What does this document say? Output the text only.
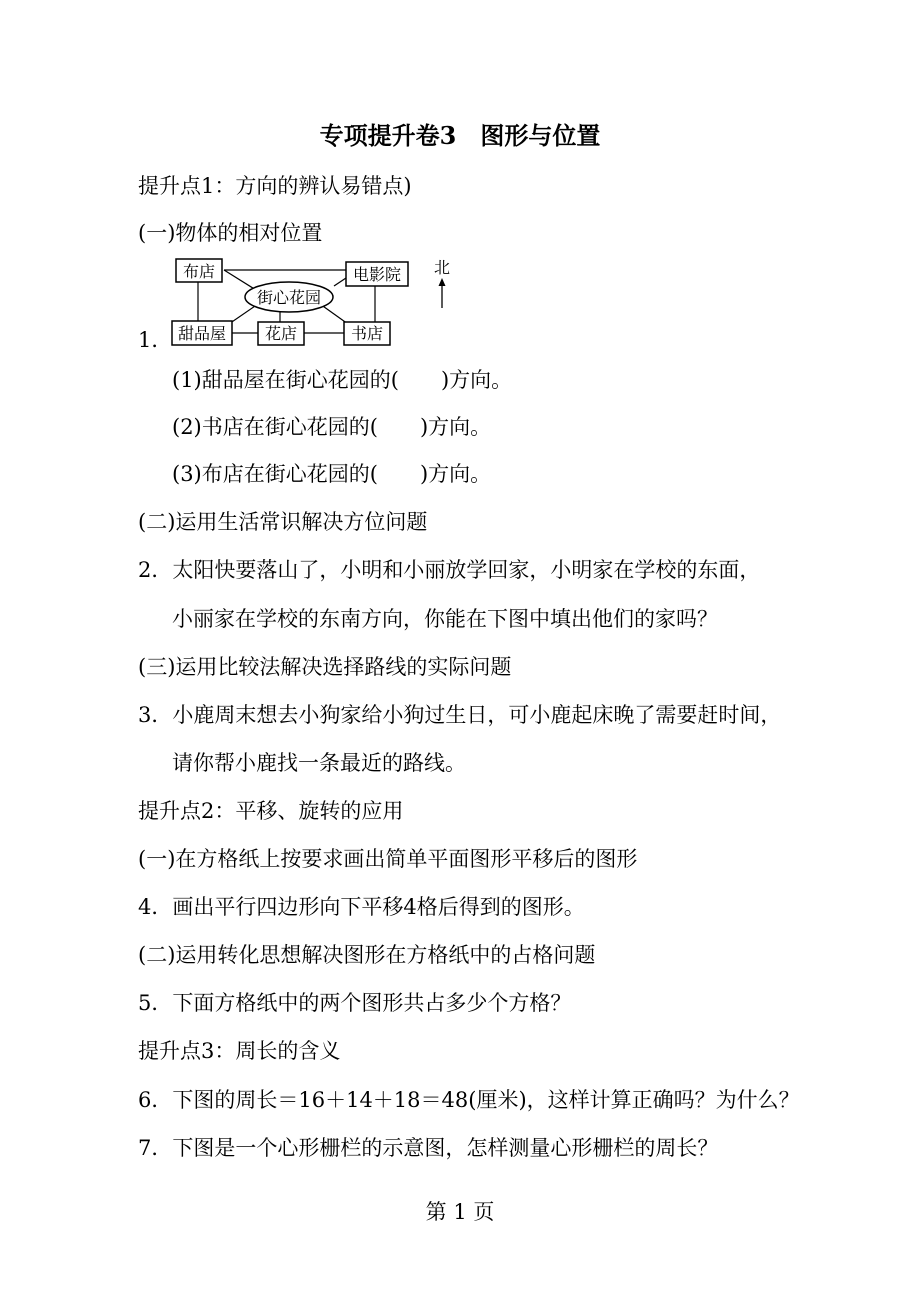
专项提升卷3　图形与位置
提升点1：方向的辨认易错点)
(一)物体的相对位置
1．
(1)甜品屋在街心花园的(　　)方向。
(2)书店在街心花园的(　　)方向。
(3)布店在街心花园的(　　)方向。
(二)运用生活常识解决方位问题
2．太阳快要落山了，小明和小丽放学回家，小明家在学校的东面，
小丽家在学校的东南方向，你能在下图中填出他们的家吗？
(三)运用比较法解决选择路线的实际问题
3．小鹿周末想去小狗家给小狗过生日，可小鹿起床晚了需要赶时间，
请你帮小鹿找一条最近的路线。
提升点2：平移、旋转的应用
(一)在方格纸上按要求画出简单平面图形平移后的图形
4．画出平行四边形向下平移4格后得到的图形。
(二)运用转化思想解决图形在方格纸中的占格问题
5．下面方格纸中的两个图形共占多少个方格？
提升点3：周长的含义
6．下图的周长＝16＋14＋18＝48(厘米)，这样计算正确吗？为什么？
7．下图是一个心形栅栏的示意图，怎样测量心形栅栏的周长？
布店	电影院
街心花园
甜品屋 花店	书店
北
第 1 页
